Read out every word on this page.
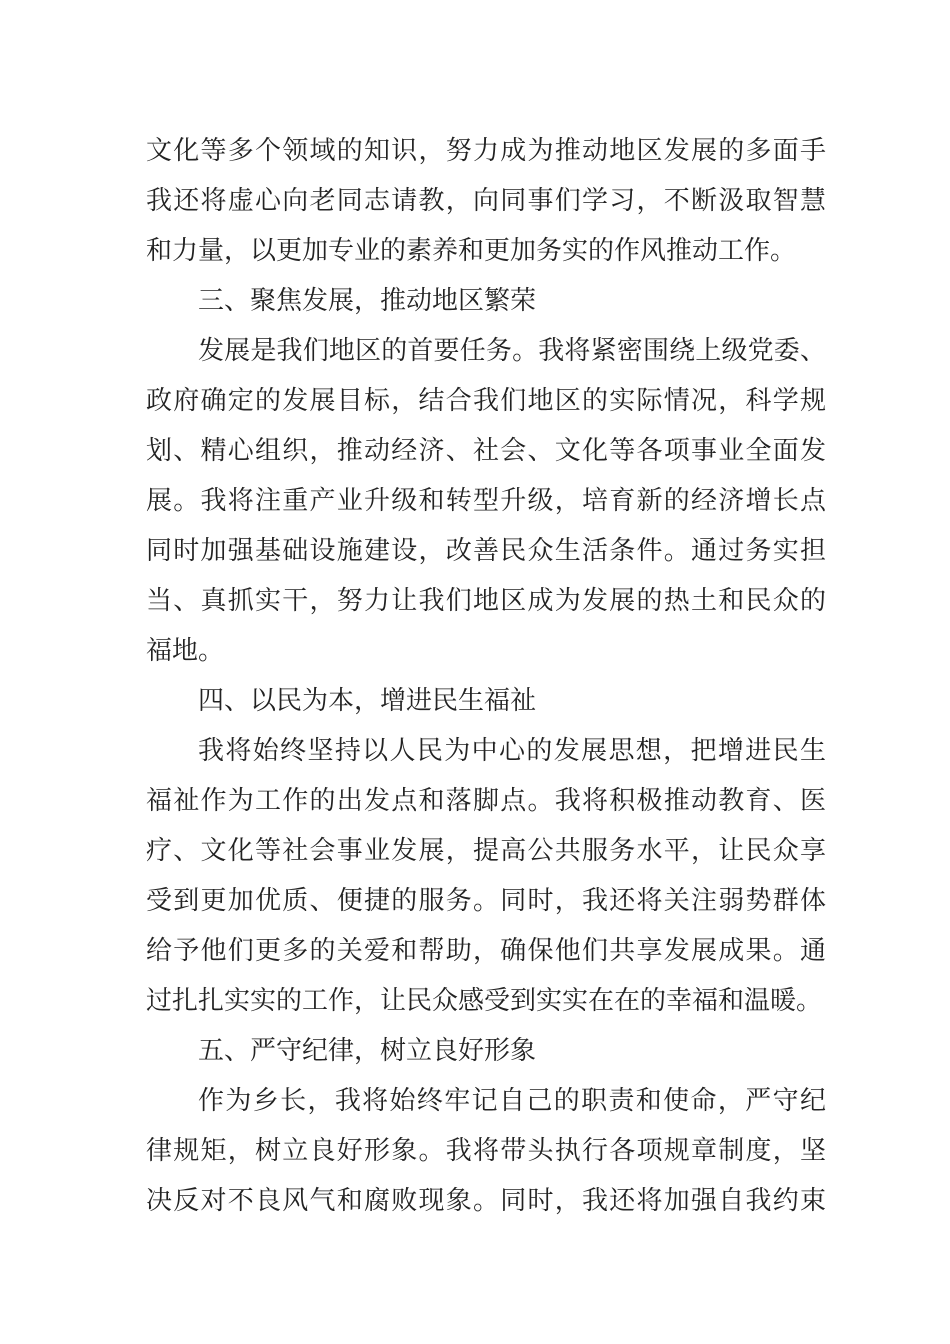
文化等多个领域的知识，努力成为推动地区发展的多面手
我还将虚心向老同志请教，向同事们学习，不断汲取智慧
和力量，以更加专业的素养和更加务实的作风推动工作。
三、聚焦发展，推动地区繁荣
发展是我们地区的首要任务。我将紧密围绕上级党委、
政府确定的发展目标，结合我们地区的实际情况，科学规
划、精心组织，推动经济、社会、文化等各项事业全面发
展。我将注重产业升级和转型升级，培育新的经济增长点
同时加强基础设施建设，改善民众生活条件。通过务实担
当、真抓实干，努力让我们地区成为发展的热土和民众的
福地。
四、以民为本，增进民生福祉
我将始终坚持以人民为中心的发展思想，把增进民生
福祉作为工作的出发点和落脚点。我将积极推动教育、医
疗、文化等社会事业发展，提高公共服务水平，让民众享
受到更加优质、便捷的服务。同时，我还将关注弱势群体
给予他们更多的关爱和帮助，确保他们共享发展成果。通
过扎扎实实的工作，让民众感受到实实在在的幸福和温暖。
五、严守纪律，树立良好形象
作为乡长，我将始终牢记自己的职责和使命，严守纪
律规矩，树立良好形象。我将带头执行各项规章制度，坚
决反对不良风气和腐败现象。同时，我还将加强自我约束
